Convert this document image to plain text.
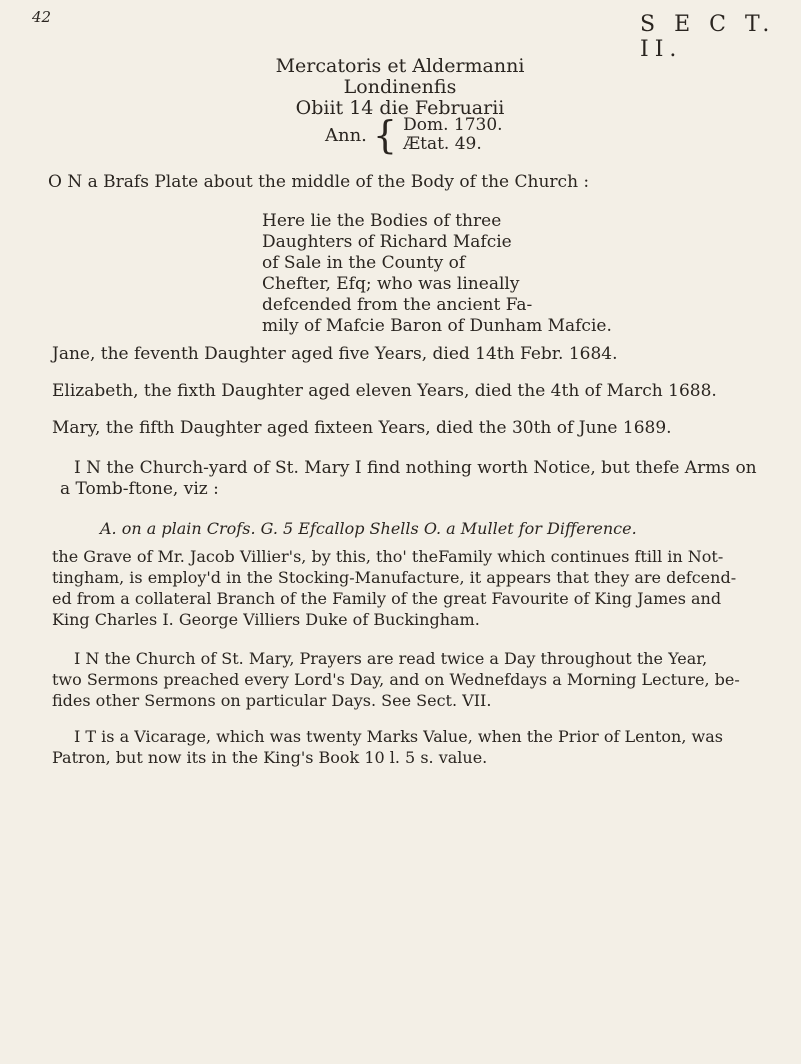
42	S E C T. II.
Mercatoris et Aldermanni
Londinenfis
Obiit 14 die Februarii
Ann. { Dom. 1730.
Ætat. 49.
O N a Brafs Plate about the middle of the Body of the Church :
Here lie the Bodies of three
Daughters of Richard Mafcie
of Sale in the County of
Chefter, Efq; who was lineally
defcended from the ancient Fa-
mily of Mafcie Baron of Dunham Mafcie.
Jane, the feventh Daughter aged five Years, died 14th Febr. 1684.
Elizabeth, the fixth Daughter aged eleven Years, died the 4th of March 1688.
Mary, the fifth Daughter aged fixteen Years, died the 30th of June 1689.
I N the Church-yard of St. Mary I find nothing worth Notice, but thefe Arms on
a Tomb-ftone, viz :
A. on a plain Crofs. G. 5 Efcallop Shells O. a Mullet for Difference.
the Grave of Mr. Jacob Villier's, by this, tho' theFamily which continues ftill in Not-
tingham, is employ'd in the Stocking-Manufacture, it appears that they are defcend-
ed from a collateral Branch of the Family of the great Favourite of King James and
King Charles I. George Villiers Duke of Buckingham.
I N the Church of St. Mary, Prayers are read twice a Day throughout the Year,
two Sermons preached every Lord's Day, and on Wednefdays a Morning Lecture, be-
fides other Sermons on particular Days. See Sect. VII.
I T is a Vicarage, which was twenty Marks Value, when the Prior of Lenton, was
Patron, but now its in the King's Book 10 l. 5 s. value.
